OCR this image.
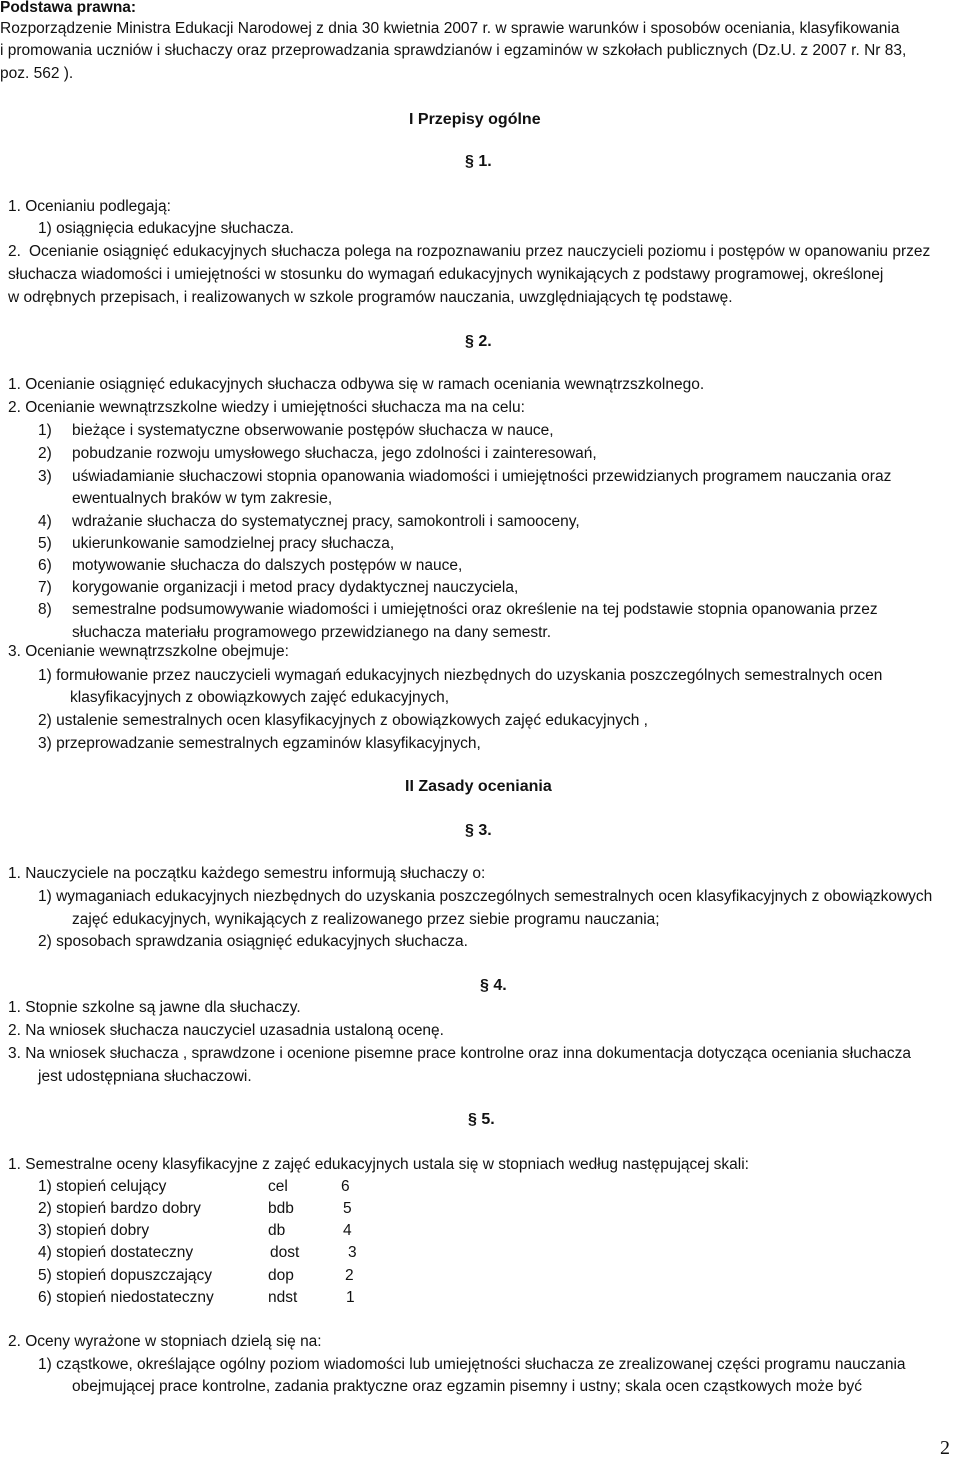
Podstawa prawna:
Rozporządzenie Ministra Edukacji Narodowej z dnia 30 kwietnia 2007 r. w sprawie warunków i sposobów oceniania, klasyfikowania
i promowania uczniów i słuchaczy oraz przeprowadzania sprawdzianów i egzaminów w szkołach publicznych (Dz.U. z 2007 r. Nr 83,
poz. 562 ).
I Przepisy ogólne
§ 1.
1. Ocenianiu podlegają:
1) osiągnięcia edukacyjne słuchacza.
2. Ocenianie osiągnięć edukacyjnych słuchacza polega na rozpoznawaniu przez nauczycieli poziomu i postępów w opanowaniu przez
słuchacza wiadomości i umiejętności w stosunku do wymagań edukacyjnych wynikających z podstawy programowej, określonej
w odrębnych przepisach, i realizowanych w szkole programów nauczania, uwzględniających tę podstawę.
§ 2.
1. Ocenianie osiągnięć edukacyjnych słuchacza odbywa się w ramach oceniania wewnątrzszkolnego.
2. Ocenianie wewnątrzszkolne wiedzy i umiejętności słuchacza ma na celu:
1) bieżące i systematyczne obserwowanie postępów słuchacza w nauce,
2) pobudzanie rozwoju umysłowego słuchacza, jego zdolności i zainteresowań,
3) uświadamianie słuchaczowi stopnia opanowania wiadomości i umiejętności przewidzianych programem nauczania oraz
ewentualnych braków w tym zakresie,
4) wdrażanie słuchacza do systematycznej pracy, samokontroli i samooceny,
5) ukierunkowanie samodzielnej pracy słuchacza,
6) motywowanie słuchacza do dalszych postępów w nauce,
7) korygowanie organizacji i metod pracy dydaktycznej nauczyciela,
8) semestralne podsumowywanie wiadomości i umiejętności oraz określenie na tej podstawie stopnia opanowania przez
słuchacza materiału programowego przewidzianego na dany semestr.
3. Ocenianie wewnątrzszkolne obejmuje:
1) formułowanie przez nauczycieli wymagań edukacyjnych niezbędnych do uzyskania poszczególnych semestralnych ocen
klasyfikacyjnych z obowiązkowych zajęć edukacyjnych,
2) ustalenie semestralnych ocen klasyfikacyjnych z obowiązkowych zajęć edukacyjnych ,
3) przeprowadzanie semestralnych egzaminów klasyfikacyjnych,
II Zasady oceniania
§ 3.
1. Nauczyciele na początku każdego semestru informują słuchaczy o:
1) wymaganiach edukacyjnych niezbędnych do uzyskania poszczególnych semestralnych ocen klasyfikacyjnych z obowiązkowych
zajęć edukacyjnych, wynikających z realizowanego przez siebie programu nauczania;
2) sposobach sprawdzania osiągnięć edukacyjnych słuchacza.
§ 4.
1. Stopnie szkolne są jawne dla słuchaczy.
2. Na wniosek słuchacza nauczyciel uzasadnia ustaloną ocenę.
3. Na wniosek słuchacza , sprawdzone i ocenione pisemne prace kontrolne oraz inna dokumentacja dotycząca oceniania słuchacza
jest udostępniana słuchaczowi.
§ 5.
1. Semestralne oceny klasyfikacyjne z zajęć edukacyjnych ustala się w stopniach według następującej skali:
1) stopień celujący	cel	6
2) stopień bardzo dobry	bdb	5
3) stopień dobry	db	4
4) stopień dostateczny	dost	3
5) stopień dopuszczający	dop	2
6) stopień niedostateczny	ndst	1
2. Oceny wyrażone w stopniach dzielą się na:
1) cząstkowe, określające ogólny poziom wiadomości lub umiejętności słuchacza ze zrealizowanej części programu nauczania
obejmującej prace kontrolne, zadania praktyczne oraz egzamin pisemny i ustny; skala ocen cząstkowych może być
2
